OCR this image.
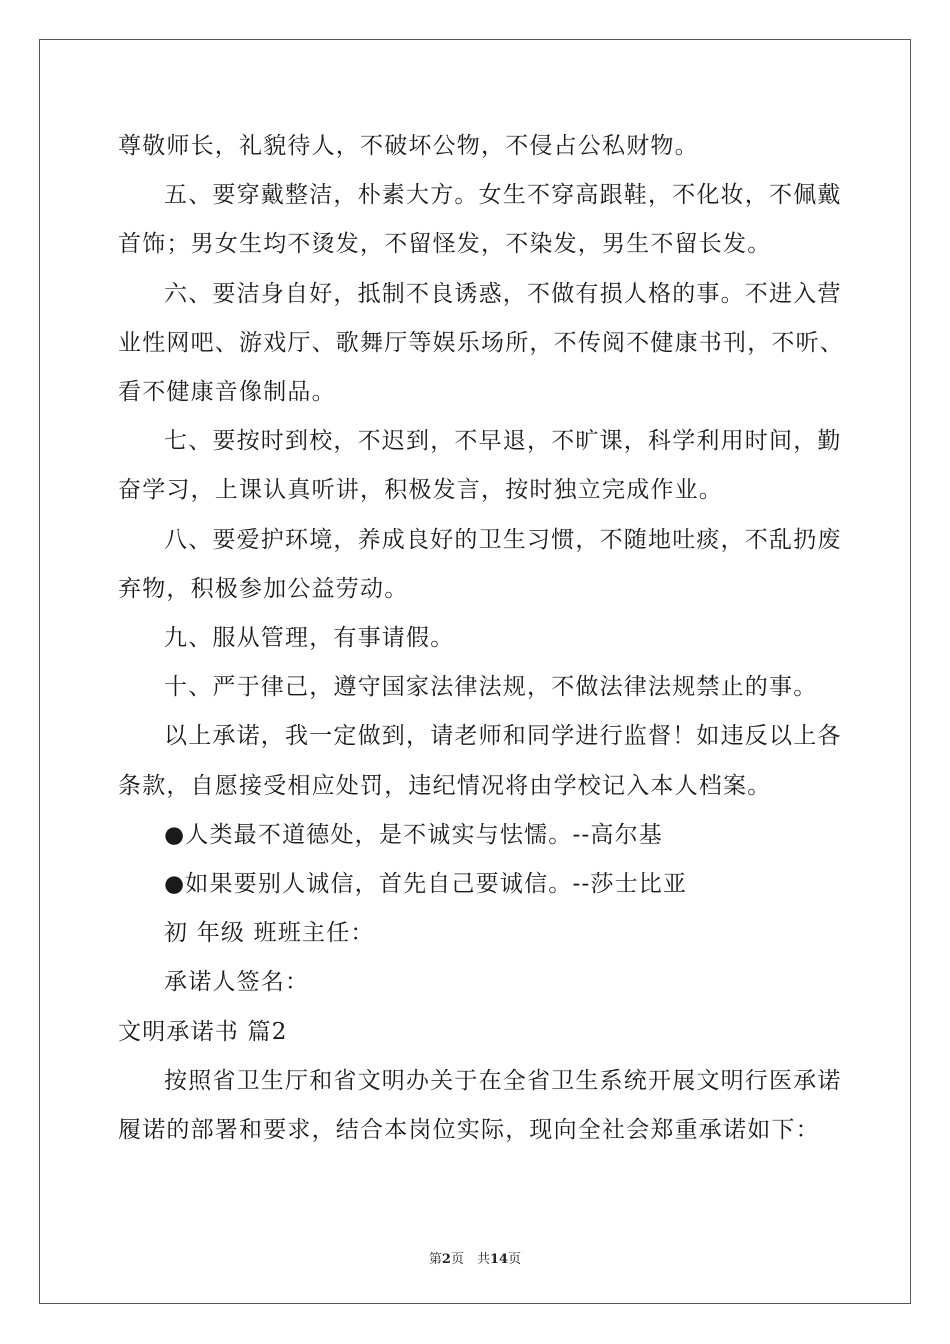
尊敬师长，礼貌待人，不破坏公物，不侵占公私财物。
五、要穿戴整洁，朴素大方。女生不穿高跟鞋，不化妆，不佩戴
首饰；男女生均不烫发，不留怪发，不染发，男生不留长发。
六、要洁身自好，抵制不良诱惑，不做有损人格的事。不进入营
业性网吧、游戏厅、歌舞厅等娱乐场所，不传阅不健康书刊，不听、
看不健康音像制品。
七、要按时到校，不迟到，不早退，不旷课，科学利用时间，勤
奋学习，上课认真听讲，积极发言，按时独立完成作业。
八、要爱护环境，养成良好的卫生习惯，不随地吐痰，不乱扔废
弃物，积极参加公益劳动。
九、服从管理，有事请假。
十、严于律己，遵守国家法律法规，不做法律法规禁止的事。
以上承诺，我一定做到，请老师和同学进行监督！如违反以上各
条款，自愿接受相应处罚，违纪情况将由学校记入本人档案。
●人类最不道德处，是不诚实与怯懦。--高尔基
●如果要别人诚信，首先自己要诚信。--莎士比亚
初 年级 班班主任：
承诺人签名：
文明承诺书 篇2
按照省卫生厅和省文明办关于在全省卫生系统开展文明行医承诺
履诺的部署和要求，结合本岗位实际，现向全社会郑重承诺如下：
第2页　共14页
